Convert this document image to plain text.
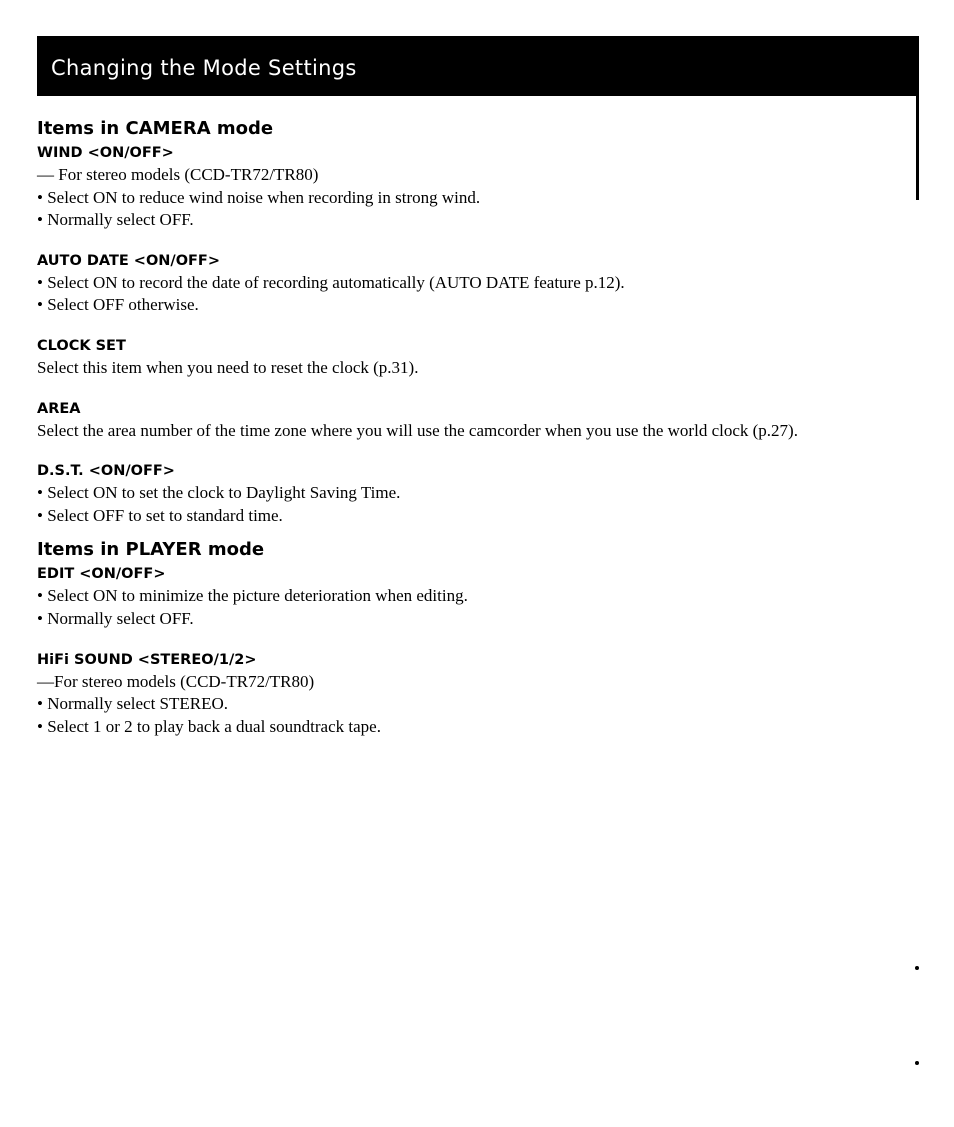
Changing the Mode Settings
Items in CAMERA mode
WIND <ON/OFF>

— For stereo models (CCD-TR72/TR80)

• Select ON to reduce wind noise when recording in strong wind.

• Normally select OFF.

AUTO DATE <ON/OFF>

• Select ON to record the date of recording automatically (AUTO DATE feature p.12).

• Select OFF otherwise.

CLOCK SET

Select this item when you need to reset the clock (p.31).

AREA

Select the area number of the time zone where you will use the camcorder when you use the world clock (p.27).

D.S.T. <ON/OFF>

• Select ON to set the clock to Daylight Saving Time.

• Select OFF to set to standard time.

Items in PLAYER mode
EDIT <ON/OFF>

• Select ON to minimize the picture deterioration when editing.

• Normally select OFF.

HiFi SOUND <STEREO/1/2>

—For stereo models (CCD-TR72/TR80)

• Normally select STEREO.

• Select 1 or 2 to play back a dual soundtrack tape.
